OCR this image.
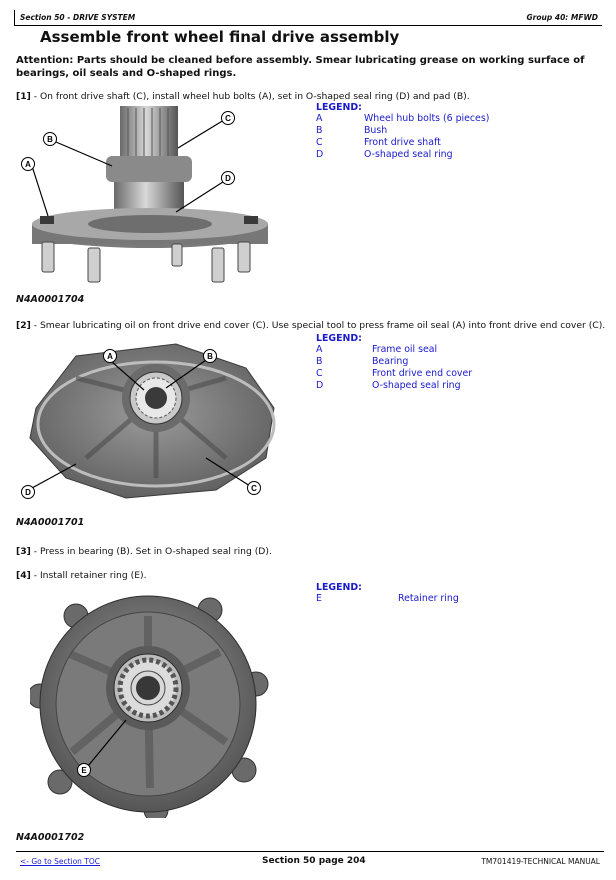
Section 50 - DRIVE SYSTEM	Group 40: MFWD
Assemble front wheel final drive assembly
Attention: Parts should be cleaned before assembly. Smear lubricating grease on working surface of bearings, oil seals and O-shaped rings.
[1] - On front drive shaft (C), install wheel hub bolts (A), set in O-shaped seal ring (D) and pad (B).
LEGEND:
A	Wheel hub bolts (6 pieces)
B	Bush
C	Front drive shaft
D	O-shaped seal ring
A
B
C
D
N4A0001704
[2] - Smear lubricating oil on front drive end cover (C). Use special tool to press frame oil seal (A) into front drive end cover (C).
LEGEND:
A	Frame oil seal
B	Bearing
C	Front drive end cover
D	O-shaped seal ring
A	B
C
D
N4A0001701
[3] - Press in bearing (B). Set in O-shaped seal ring (D).
[4] - Install retainer ring (E).
LEGEND:
E	Retainer ring
E
N4A0001702
<- Go to Section TOC	Section 50 page 204	TM701419-TECHNICAL MANUAL
